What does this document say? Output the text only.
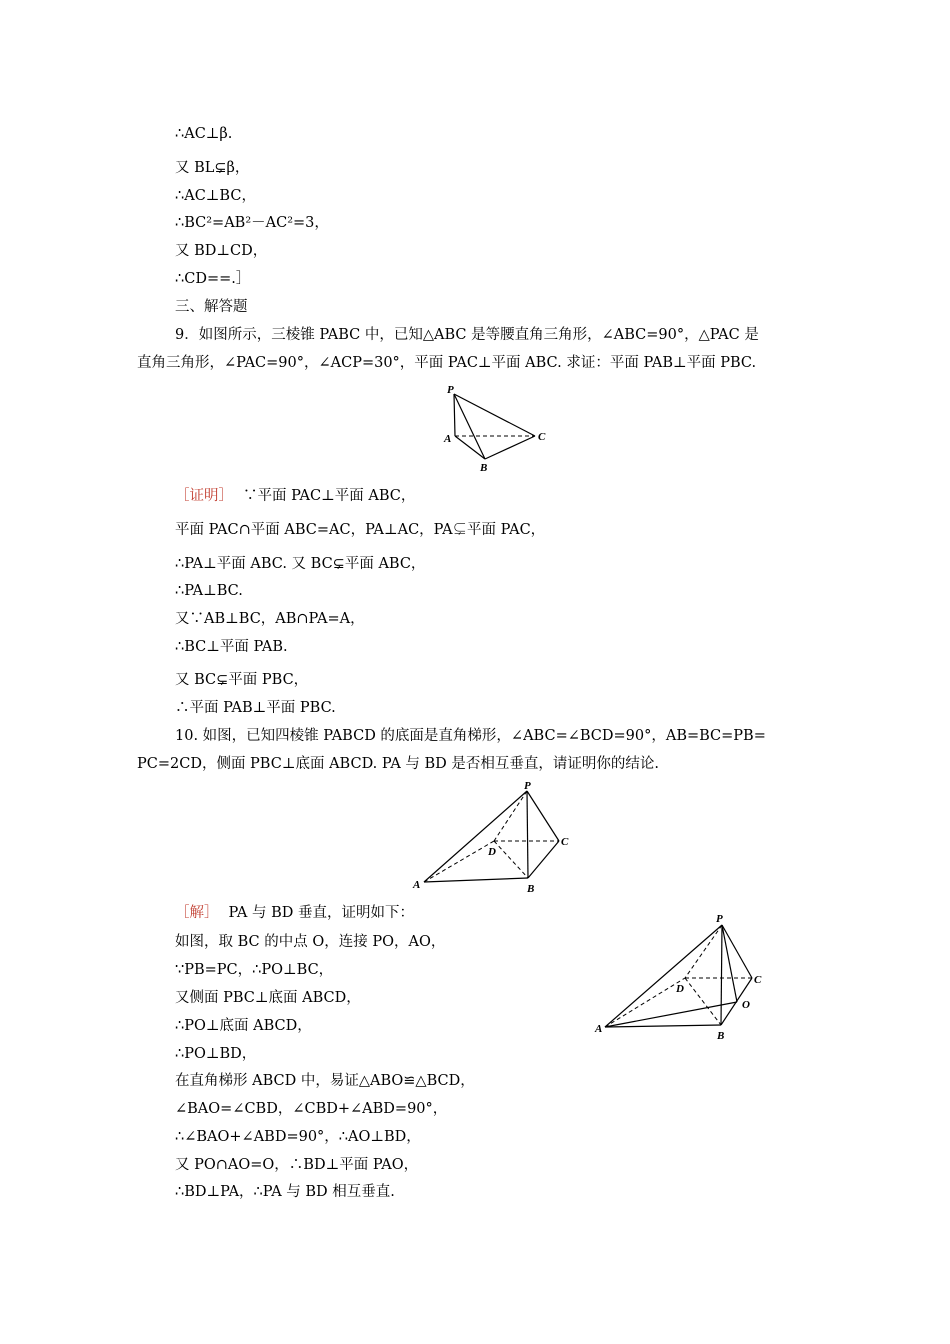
∴AC⊥β.
又 BL⊊β，
∴AC⊥BC，
∴BC²=AB²－AC²=3，
又 BD⊥CD，
∴CD==.］
三、解答题
9．如图所示，三棱锥 PABC 中，已知△ABC 是等腰直角三角形，∠ABC=90°，△PAC 是
直角三角形，∠PAC=90°，∠ACP=30°，平面 PAC⊥平面 ABC. 求证：平面 PAB⊥平面 PBC.
P
A
B
C
［证明］ ∵平面 PAC⊥平面 ABC，
平面 PAC∩平面 ABC=AC，PA⊥AC，PA⊊平面 PAC，
∴PA⊥平面 ABC. 又 BC⊊平面 ABC，
∴PA⊥BC.
又∵AB⊥BC，AB∩PA=A，
∴BC⊥平面 PAB.
又 BC⊊平面 PBC，
∴平面 PAB⊥平面 PBC.
10. 如图，已知四棱锥 PABCD 的底面是直角梯形，∠ABC=∠BCD=90°，AB=BC=PB=
PC=2CD，侧面 PBC⊥底面 ABCD. PA 与 BD 是否相互垂直，请证明你的结论.
P
A	B
C
D
［解］ PA 与 BD 垂直，证明如下：
如图，取 BC 的中点 O，连接 PO，AO，
∵PB=PC，∴PO⊥BC，
又侧面 PBC⊥底面 ABCD，
∴PO⊥底面 ABCD，
∴PO⊥BD，
在直角梯形 ABCD 中，易证△ABO≌△BCD，
∠BAO=∠CBD，∠CBD+∠ABD=90°，
∴∠BAO+∠ABD=90°，∴AO⊥BD，
又 PO∩AO=O，∴BD⊥平面 PAO，
∴BD⊥PA，∴PA 与 BD 相互垂直.
P
A
B
C
D
O
